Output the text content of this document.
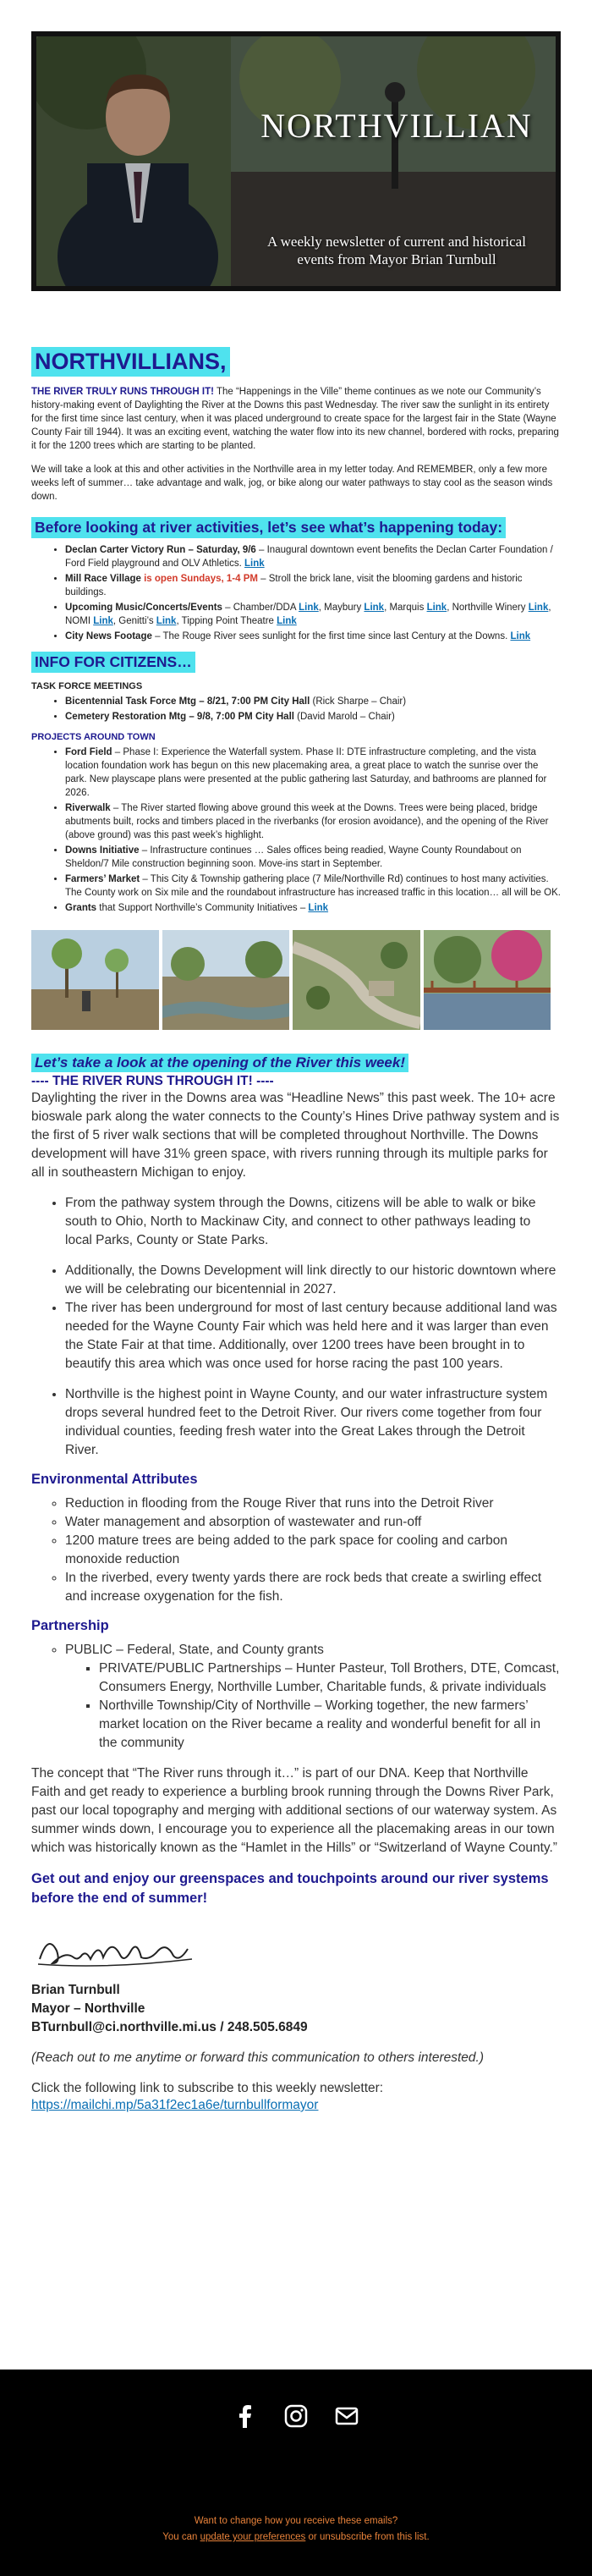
NORTHVILLIAN
A weekly newsletter of current and historical
events from Mayor Brian Turnbull
NORTHVILLIANS,

THE RIVER TRULY RUNS THROUGH IT! The “Happenings in the Ville” theme continues as we note our Community’s history-making event of Daylighting the River at the Downs this past Wednesday. The river saw the sunlight in its entirety for the first time since last century, when it was placed underground to create space for the largest fair in the State (Wayne County Fair till 1944). It was an exciting event, watching the water flow into its new channel, bordered with rocks, preparing it for the 1200 trees which are starting to be planted.

We will take a look at this and other activities in the Northville area in my letter today. And REMEMBER, only a few more weeks left of summer… take advantage and walk, jog, or bike along our water pathways to stay cool as the season winds down.

Before looking at river activities, let’s see what’s happening today:
• Declan Carter Victory Run – Saturday, 9/6 – Inaugural downtown event benefits the Declan Carter Foundation / Ford Field playground and OLV Athletics. Link
• Mill Race Village is open Sundays, 1-4 PM – Stroll the brick lane, visit the blooming gardens and historic buildings.
• Upcoming Music/Concerts/Events – Chamber/DDA Link, Maybury Link, Marquis Link, Northville Winery Link, NOMI Link, Genitti’s Link, Tipping Point Theatre Link
• City News Footage – The Rouge River sees sunlight for the first time since last Century at the Downs. Link
INFO FOR CITIZENS…
TASK FORCE MEETINGS
• Bicentennial Task Force Mtg – 8/21, 7:00 PM City Hall (Rick Sharpe – Chair)
• Cemetery Restoration Mtg – 9/8, 7:00 PM City Hall (David Marold – Chair)
PROJECTS AROUND TOWN
• Ford Field – Phase I: Experience the Waterfall system. Phase II: DTE infrastructure completing, and the vista location foundation work has begun on this new placemaking area, a great place to watch the sunrise over the park. New playscape plans were presented at the public gathering last Saturday, and bathrooms are planned for 2026.
• Riverwalk – The River started flowing above ground this week at the Downs. Trees were being placed, bridge abutments built, rocks and timbers placed in the riverbanks (for erosion avoidance), and the opening of the River (above ground) was this past week’s highlight.
• Downs Initiative – Infrastructure continues … Sales offices being readied, Wayne County Roundabout on Sheldon/7 Mile construction beginning soon. Move-ins start in September.
• Farmers’ Market – This City & Township gathering place (7 Mile/Northville Rd) continues to host many activities. The County work on Six mile and the roundabout infrastructure has increased traffic in this location… all will be OK.
• Grants that Support Northville’s Community Initiatives – Link
Let’s take a look at the opening of the River this week!
---- THE RIVER RUNS THROUGH IT! ----

Daylighting the river in the Downs area was “Headline News” this past week. The 10+ acre bioswale park along the water connects to the County’s Hines Drive pathway system and is the first of 5 river walk sections that will be completed throughout Northville. The Downs development will have 31% green space, with rivers running through its multiple parks for all in southeastern Michigan to enjoy.

• From the pathway system through the Downs, citizens will be able to walk or bike south to Ohio, North to Mackinaw City, and connect to other pathways leading to local Parks, County or State Parks.
• Additionally, the Downs Development will link directly to our historic downtown where we will be celebrating our bicentennial in 2027.
• The river has been underground for most of last century because additional land was needed for the Wayne County Fair which was held here and it was larger than even the State Fair at that time. Additionally, over 1200 trees have been brought in to beautify this area which was once used for horse racing the past 100 years.
• Northville is the highest point in Wayne County, and our water infrastructure system drops several hundred feet to the Detroit River. Our rivers come together from four individual counties, feeding fresh water into the Great Lakes through the Detroit River.
Environmental Attributes
◦ Reduction in flooding from the Rouge River that runs into the Detroit River
◦ Water management and absorption of wastewater and run-off
◦ 1200 mature trees are being added to the park space for cooling and carbon monoxide reduction
◦ In the riverbed, every twenty yards there are rock beds that create a swirling effect and increase oxygenation for the fish.
Partnership
◦ PUBLIC – Federal, State, and County grants
▪ PRIVATE/PUBLIC Partnerships – Hunter Pasteur, Toll Brothers, DTE, Comcast, Consumers Energy, Northville Lumber, Charitable funds, & private individuals
▪ Northville Township/City of Northville – Working together, the new farmers’ market location on the River became a reality and wonderful benefit for all in the community

The concept that “The River runs through it…” is part of our DNA. Keep that Northville Faith and get ready to experience a burbling brook running through the Downs River Park, past our local topography and merging with additional sections of our waterway system. As summer winds down, I encourage you to experience all the placemaking areas in our town which was historically known as the “Hamlet in the Hills” or “Switzerland of Wayne County.”

Get out and enjoy our greenspaces and touchpoints around our river systems before the end of summer!
Brian Turnbull
Mayor – Northville
BTurnbull@ci.northville.mi.us / 248.505.6849

(Reach out to me anytime or forward this communication to others interested.)

Click the following link to subscribe to this weekly newsletter:

https://mailchi.mp/5a31f2ec1a6e/turnbullformayor
Want to change how you receive these emails?
You can update your preferences or unsubscribe from this list.
